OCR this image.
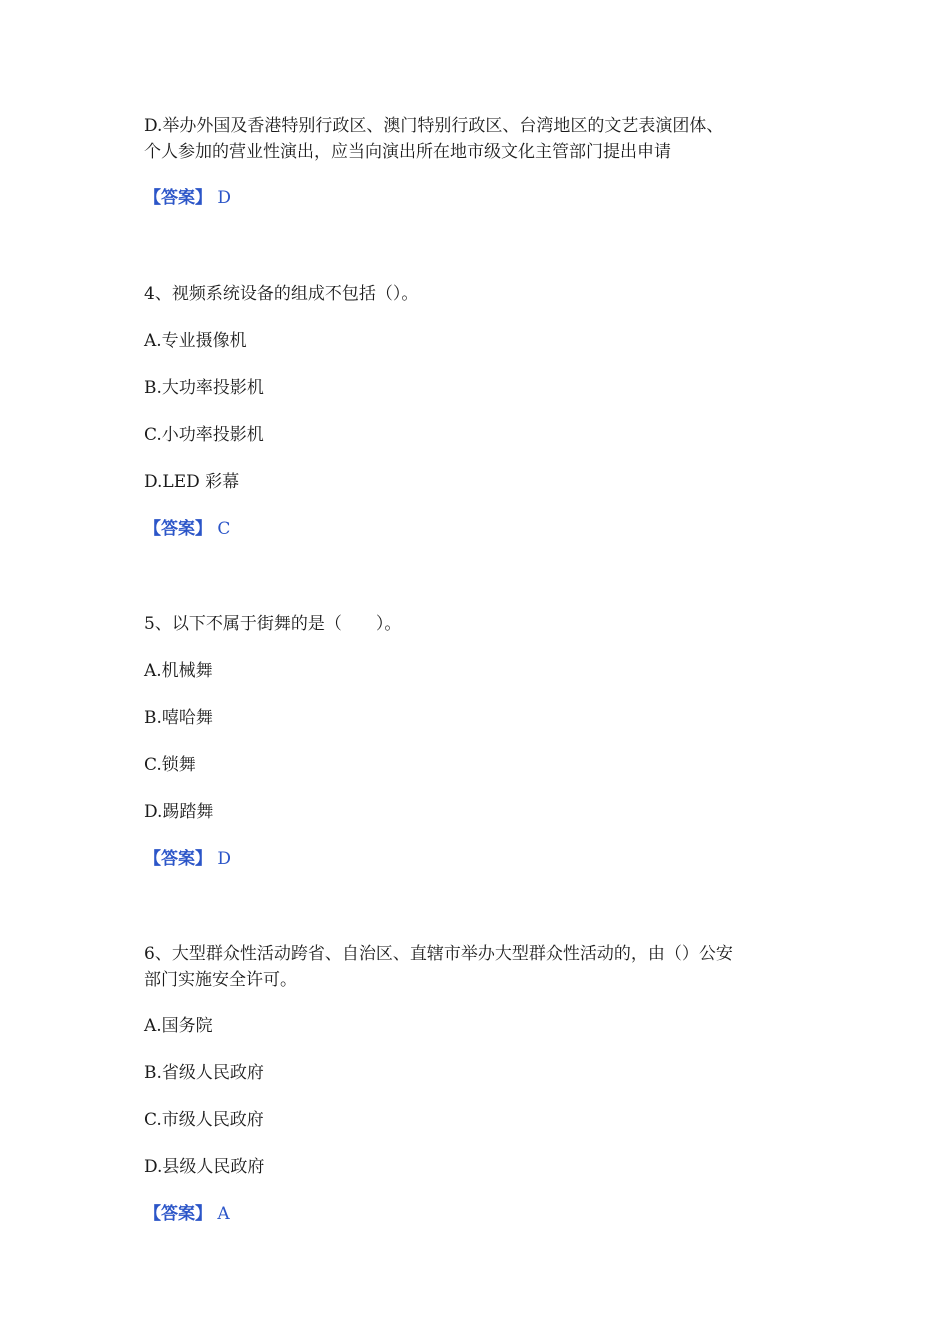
D.举办外国及香港特别行政区、澳门特别行政区、台湾地区的文艺表演团体、
个人参加的营业性演出，应当向演出所在地市级文化主管部门提出申请
【答案】 D
4、视频系统设备的组成不包括（）。
A.专业摄像机
B.大功率投影机
C.小功率投影机
D.LED 彩幕
【答案】 C
5、以下不属于街舞的是（　　）。
A.机械舞
B.嘻哈舞
C.锁舞
D.踢踏舞
【答案】 D
6、大型群众性活动跨省、自治区、直辖市举办大型群众性活动的，由（）公安
部门实施安全许可。
A.国务院
B.省级人民政府
C.市级人民政府
D.县级人民政府
【答案】 A
